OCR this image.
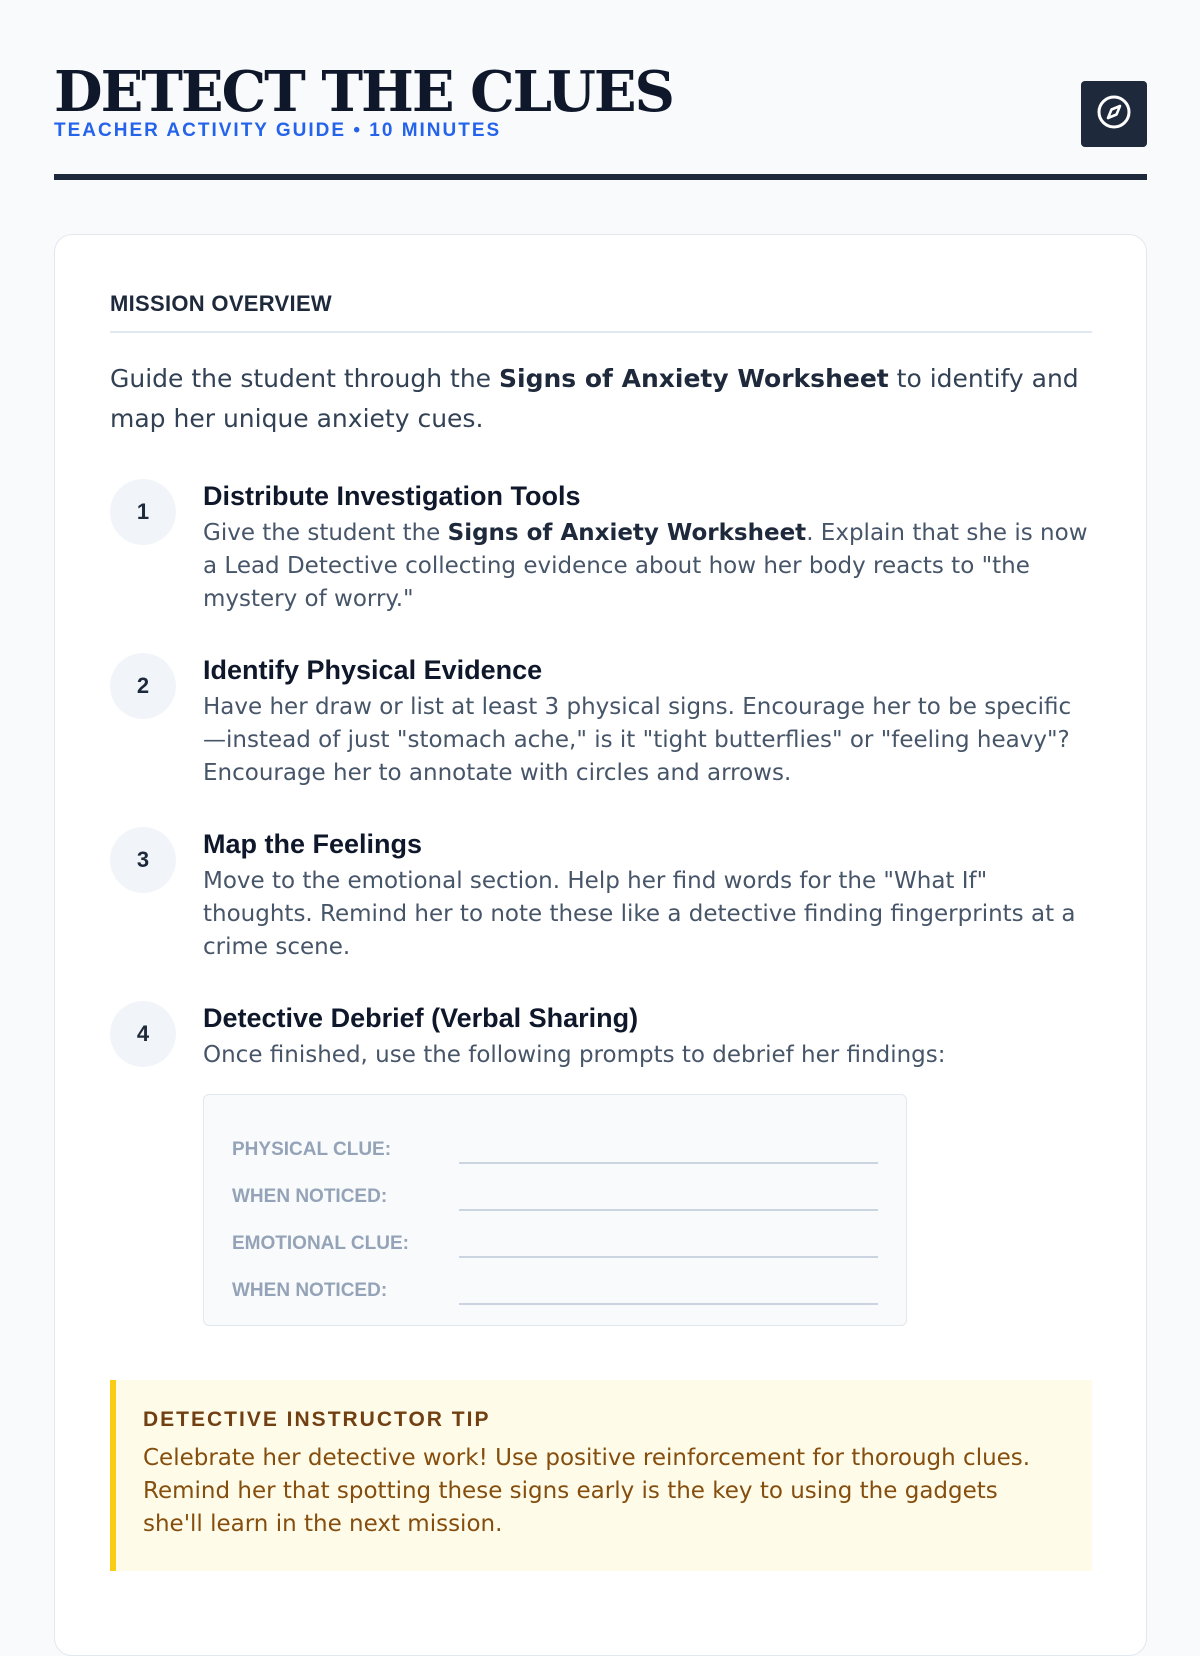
DETECT THE CLUES
TEACHER ACTIVITY GUIDE • 10 MINUTES
MISSION OVERVIEW
Guide the student through the Signs of Anxiety Worksheet to identify and map her unique anxiety cues.
1
Distribute Investigation Tools
Give the student the Signs of Anxiety Worksheet. Explain that she is now a Lead Detective collecting evidence about how her body reacts to "the mystery of worry."
2
Identify Physical Evidence
Have her draw or list at least 3 physical signs. Encourage her to be specific—instead of just "stomach ache," is it "tight butterflies" or "feeling heavy"? Encourage her to annotate with circles and arrows.
3
Map the Feelings
Move to the emotional section. Help her find words for the "What If" thoughts. Remind her to note these like a detective finding fingerprints at a crime scene.
4
Detective Debrief (Verbal Sharing)
Once finished, use the following prompts to debrief her findings:
PHYSICAL CLUE:
WHEN NOTICED:
EMOTIONAL CLUE:
WHEN NOTICED:
DETECTIVE INSTRUCTOR TIP
Celebrate her detective work! Use positive reinforcement for thorough clues. Remind her that spotting these signs early is the key to using the gadgets she'll learn in the next mission.
